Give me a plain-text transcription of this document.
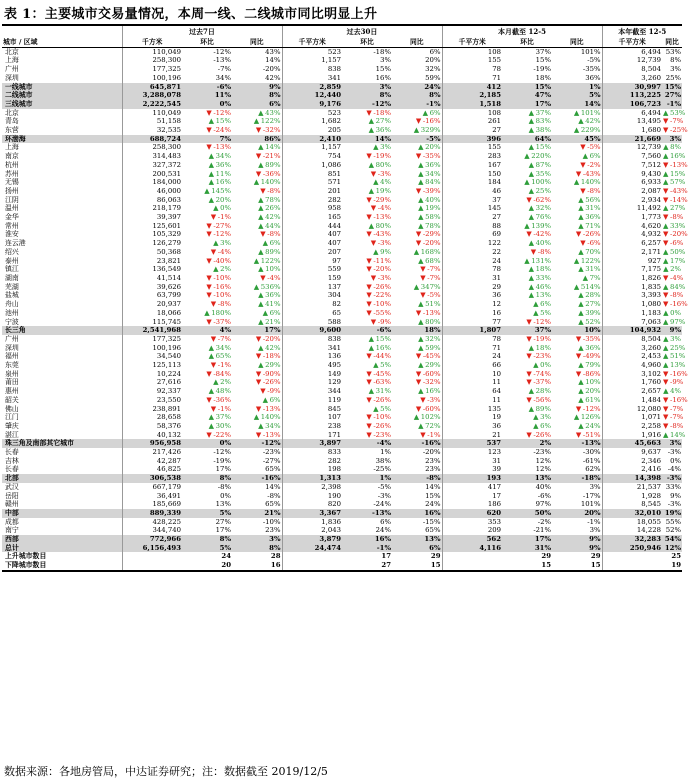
表 1：主要城市交易量情况，本周一线、二线城市同比明显上升
	过去7日			过去30日			本月截至 12-5			本年截至 12-5	
城市 / 区域	千方米	环比	同比	千平方米	环比	同比	千平方米	环比	同比	千平方米	同比
北京	110,049	-12%	43%	523	-18%	6%	108	37%	101%	6,494	53%
上海	258,300	-13%	14%	1,157	3%	20%	155	15%	-5%	12,739	8%
广州	177,325	-7%	-20%	838	15%	32%	78	-19%	-35%	8,504	3%
深圳	100,196	34%	42%	341	16%	59%	71	18%	36%	3,260	25%
一线城市	645,871	-6%	9%	2,859	3%	24%	412	15%	1%	30,997	15%
二线城市	3,288,078	11%	8%	12,440	8%	8%	2,185	47%	5%	113,225	27%
三线城市	2,222,545	0%	6%	9,176	-12%	-1%	1,518	17%	14%	106,723	-1%
北京	110,049	▼-12%	▲43%	523	▼-18%	▲6%	108	▲37%	▲101%	6,494	▲53%
青岛	51,158	▲15%	▲122%	1,682	▲27%	▼-16%	261	▲83%	▲42%	13,495	▼-7%
东营	32,535	▼-24%	▼-32%	205	▲36%	▲329%	27	▲38%	▲229%	1,680	▼-25%
环渤海	688,724	7%	86%	2,410	14%	-5%	396	64%	45%	21,669	3%
上海	258,300	▼-13%	▲14%	1,157	▲3%	▲20%	155	▲15%	▼-5%	12,739	▲8%
南京	314,483	▲34%	▼-21%	754	▼-19%	▼-35%	283	▲220%	▲6%	7,560	▲16%
杭州	327,372	▲36%	▲89%	1,086	▲80%	▲36%	167	▲87%	▼-2%	7,512	▼-13%
苏州	200,531	▲11%	▼-36%	851	▼-3%	▲34%	150	▲35%	▼-43%	9,430	▲15%
无锡	184,000	▲16%	▲140%	571	▲4%	▲84%	184	▲100%	▲140%	6,933	▲57%
扬州	46,000	▲145%	▼-8%	201	▲19%	▼-39%	46	▲25%	▼-8%	2,087	▼-43%
江阴	86,063	▲20%	▲78%	282	▼-29%	▲40%	37	▼-62%	▲56%	2,934	▼-14%
温州	218,179	▲0%	▲26%	958	▼-4%	▲19%	145	▲32%	▲31%	11,492	▲27%
金华	39,397	▼-1%	▲42%	165	▼-13%	▲58%	27	▲76%	▲36%	1,773	▼-8%
常州	125,601	▼-27%	▲44%	444	▲80%	▲78%	88	▲139%	▲71%	4,620	▲33%
淮安	105,329	▼-12%	▼-8%	407	▼-43%	▼-29%	69	▼-42%	▼-26%	4,932	▼-20%
连云港	126,279	▲3%	▲6%	407	▼-3%	▼-20%	122	▲40%	▼-6%	6,257	▼-6%
绍兴	50,368	▼-4%	▲89%	207	▲9%	▲168%	22	▼-8%	▲70%	2,171	▲50%
泰州	23,821	▼-40%	▲122%	97	▼-11%	▲68%	24	▲131%	▲122%	927	▲17%
镇江	136,549	▲2%	▲10%	559	▼-20%	▼-7%	78	▲18%	▲31%	7,175	▲2%
湖南	41,514	▼-10%	▼-4%	159	▼-3%	▼-7%	31	▲33%	▲7%	1,826	▼-4%
芜湖	39,626	▼-16%	▲536%	137	▼-26%	▲347%	29	▲46%	▲514%	1,835	▲84%
盐城	63,799	▼-10%	▲36%	304	▼-22%	▼-5%	36	▲13%	▲28%	3,393	▼-8%
舟山	20,937	▼-8%	▲41%	82	▼-10%	▲51%	12	▲6%	▲27%	1,080	▼-16%
池州	18,066	▲180%	▲6%	65	▼-55%	▼-13%	16	▲5%	▲39%	1,183	▲0%
宁波	115,745	▼-37%	▲21%	588	▼-9%	▲80%	77	▼-12%	▲52%	7,063	▲97%
长三角	2,541,968	4%	17%	9,600	-6%	18%	1,807	37%	10%	104,932	9%
广州	177,325	▼-7%	▼-20%	838	▲15%	▲32%	78	▼-19%	▼-35%	8,504	▲3%
深圳	100,196	▲34%	▲42%	341	▲16%	▲59%	71	▲18%	▲36%	3,260	▲25%
福州	34,540	▲65%	▼-18%	136	▼-44%	▼-45%	24	▼-23%	▼-49%	2,453	▲51%
东莞	125,113	▼-1%	▲29%	495	▲5%	▲29%	66	▲0%	▲79%	4,960	▲13%
泉州	10,224	▼-84%	▼-90%	149	▼-45%	▼-60%	10	▼-74%	▼-86%	3,102	▼-16%
莆田	27,616	▲2%	▼-26%	129	▼-63%	▼-32%	11	▼-37%	▲10%	1,760	▼-9%
惠州	92,337	▲48%	▼-9%	344	▲31%	▲16%	64	▲28%	▲20%	2,657	▲4%
韶关	23,550	▼-36%	▲6%	119	▼-26%	▼-3%	11	▼-56%	▲61%	1,484	▼-16%
佛山	238,891	▼-1%	▼-13%	845	▲5%	▼-60%	135	▲89%	▼-12%	12,080	▼-7%
江门	28,658	▲37%	▲140%	107	▼-10%	▲102%	19	▲3%	▲126%	1,071	▼-7%
肇庆	58,376	▲30%	▲34%	238	▼-26%	▲72%	36	▲6%	▲24%	2,258	▼-8%
湛江	40,132	▼-22%	▼-13%	171	▼-23%	▼-1%	21	▼-26%	▼-51%	1,916	▲14%
珠三角及南部其它城市	956,958	0%	-12%	3,897	-4%	-16%	537	2%	-13%	45,663	3%
长春	217,426	-12%	-23%	833	1%	-20%	123	-23%	-30%	9,637	-3%
吉林	42,287	-19%	-27%	282	38%	23%	31	12%	-61%	2,346	0%
长春	46,825	17%	65%	198	-25%	23%	39	12%	62%	2,416	-4%
北部	306,538	8%	-16%	1,313	1%	-8%	193	13%	-18%	14,398	-3%
武汉	667,179	-8%	14%	2,398	-5%	14%	417	40%	3%	21,537	33%
岳阳	36,491	0%	-8%	190	-3%	15%	17	-6%	-17%	1,928	9%
赣州	185,669	13%	65%	820	-24%	24%	186	97%	101%	8,545	-3%
中部	889,339	5%	21%	3,367	-13%	16%	620	50%	20%	32,010	19%
成都	428,225	27%	-10%	1,836	6%	-15%	353	-2%	-1%	18,055	55%
南宁	344,740	17%	23%	2,043	24%	65%	209	-21%	3%	14,228	52%
西部	772,966	8%	3%	3,879	16%	13%	562	17%	9%	32,283	54%
总计	6,156,493	5%	8%	24,474	-1%	6%	4,116	31%	9%	250,946	12%
上升城市数目		24	28		17	29		29	29		25
下降城市数目		20	16		27	15		15	15		19
数据来源：各地房管局，中达证券研究；注：数据截至 2019/12/5
